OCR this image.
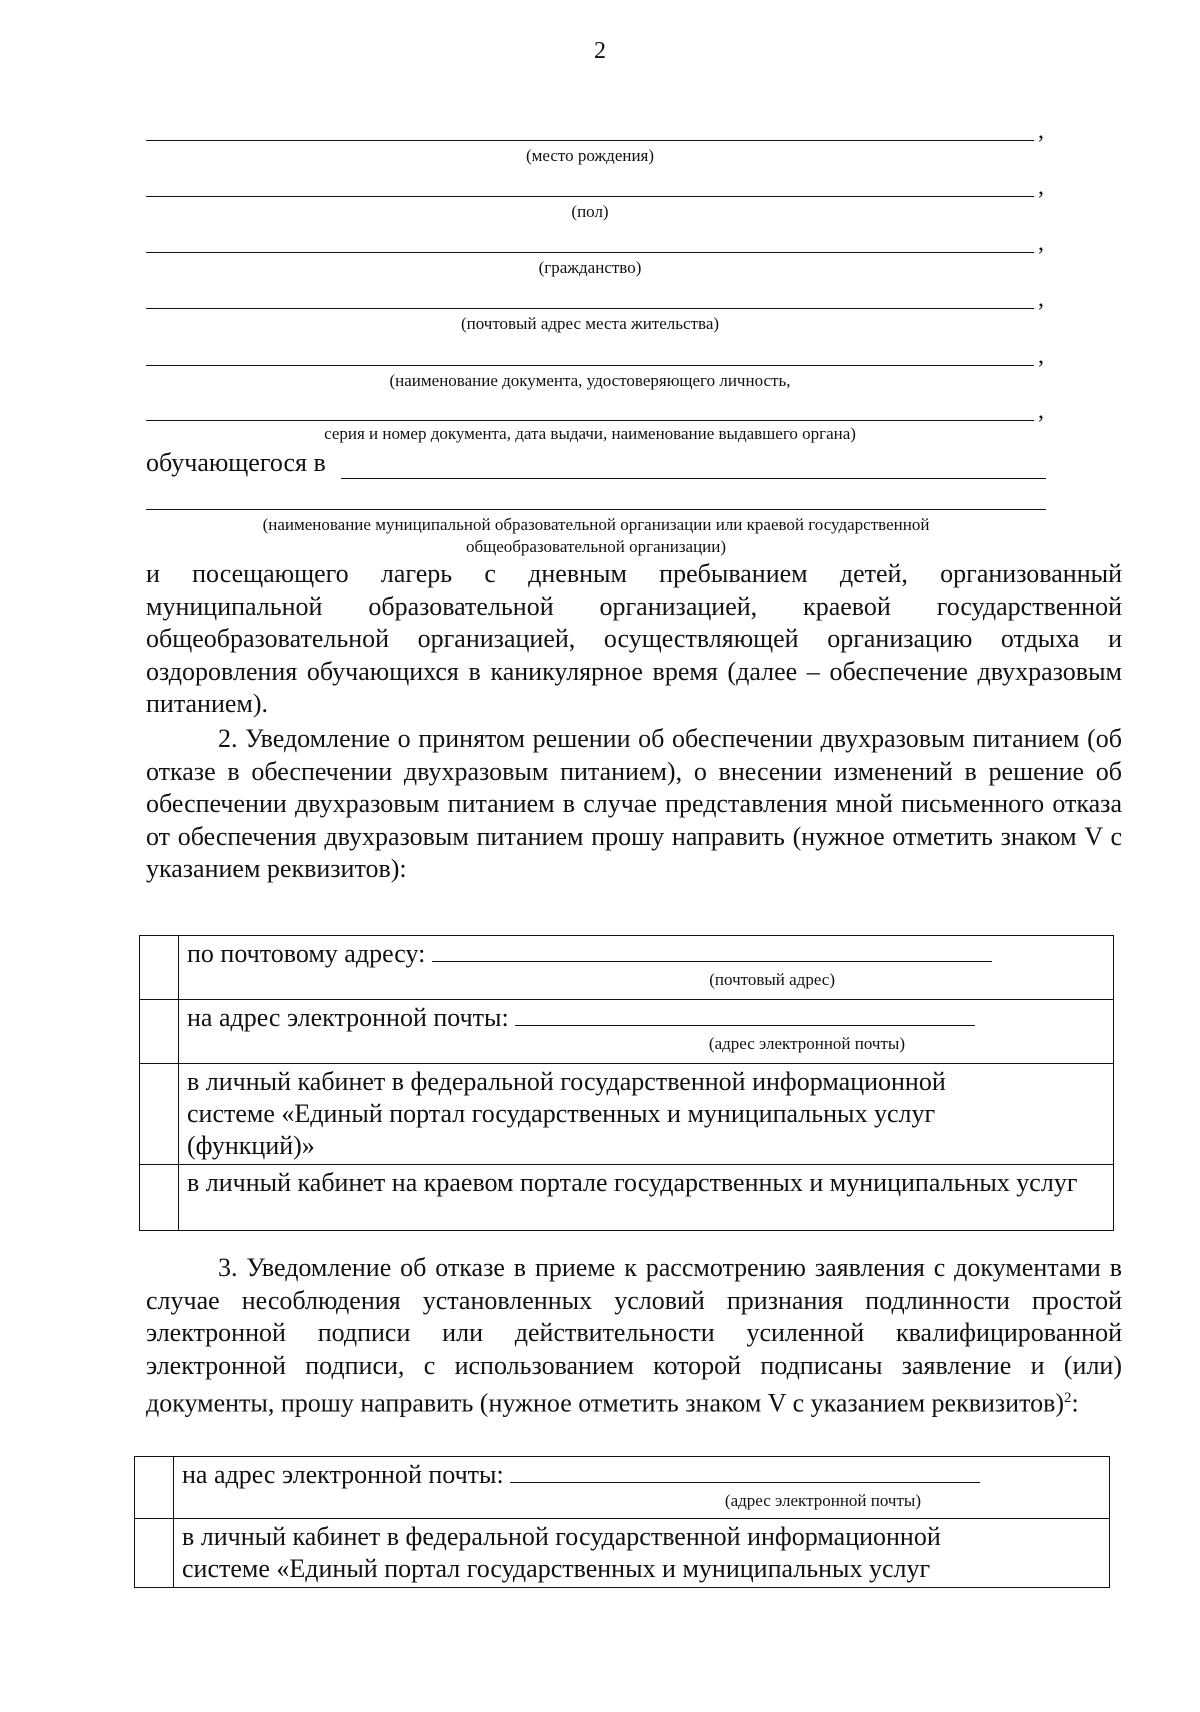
2
,
(место рождения)
,
(пол)
,
(гражданство)
,
(почтовый адрес места жительства)
,
(наименование документа, удостоверяющего личность,
,
серия и номер документа, дата выдачи, наименование выдавшего органа)
обучающегося в
(наименование муниципальной образовательной организации или краевой государственной
общеобразовательной организации)
и посещающего лагерь с дневным пребыванием детей, организованный муниципальной образовательной организацией, краевой государственной общеобразовательной организацией, осуществляющей организацию отдыха и оздоровления обучающихся в каникулярное время (далее – обеспечение двухразовым питанием).
2. Уведомление о принятом решении об обеспечении двухразовым питанием (об отказе в обеспечении двухразовым питанием), о внесении изменений в решение об обеспечении двухразовым питанием в случае представления мной письменного отказа от обеспечения двухразовым питанием прошу направить (нужное отметить знаком V с указанием реквизитов):

	по почтовому адресу:
(почтовый адрес)

	на адрес электронной почты:
(адрес электронной почты)

	в личный кабинет в федеральной государственной информационной системе «Единый портал государственных и муниципальных услуг (функций)»

	в личный кабинет на краевом портале государственных и муниципальных услуг
3. Уведомление об отказе в приеме к рассмотрению заявления с документами в случае несоблюдения установленных условий признания подлинности простой электронной подписи или действительности усиленной квалифицированной электронной подписи, с использованием которой подписаны заявление и (или) документы, прошу направить (нужное отметить знаком V с указанием реквизитов)$^2$:

	на адрес электронной почты:
(адрес электронной почты)

	в личный кабинет в федеральной государственной информационной системе «Единый портал государственных и муниципальных услуг
